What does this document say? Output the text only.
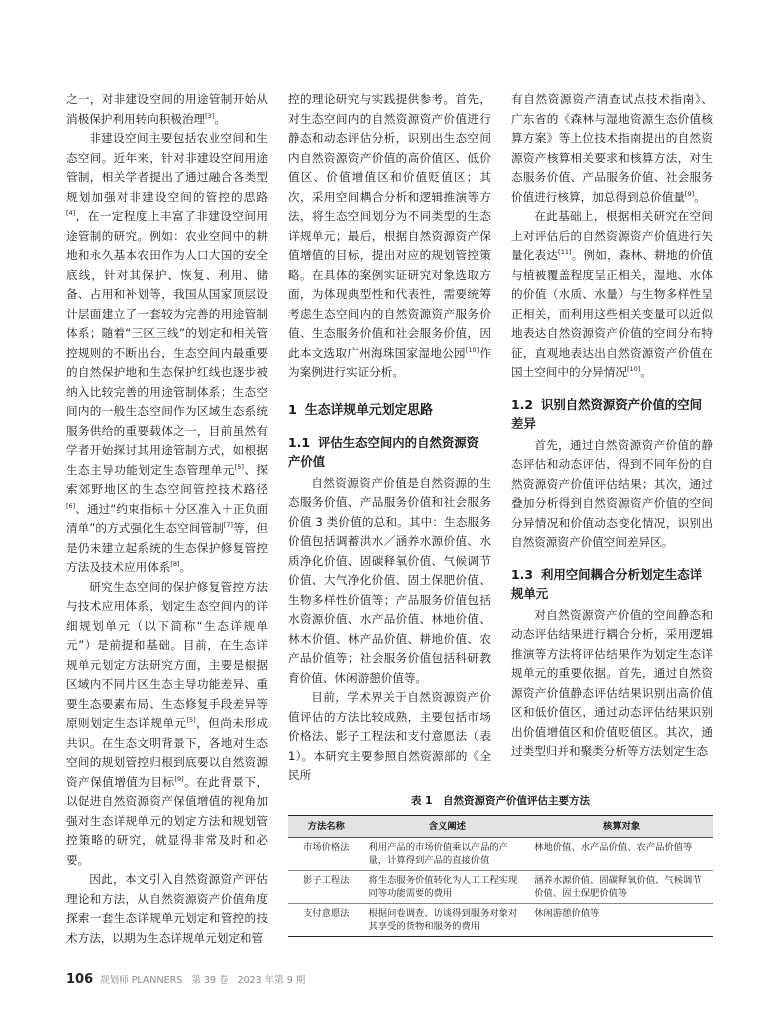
之一，对非建设空间的用途管制开始从消极保护利用转向积极治理[3]。

非建设空间主要包括农业空间和生态空间。近年来，针对非建设空间用途管制，相关学者提出了通过融合各类型规划加强对非建设空间的管控的思路[4]，在一定程度上丰富了非建设空间用途管制的研究。例如：农业空间中的耕地和永久基本农田作为人口大国的安全底线，针对其保护、恢复、利用、储备、占用和补划等，我国从国家顶层设计层面建立了一套较为完善的用途管制体系；随着“三区三线”的划定和相关管控规则的不断出台，生态空间内最重要的自然保护地和生态保护红线也逐步被纳入比较完善的用途管制体系；生态空间内的一般生态空间作为区域生态系统服务供给的重要载体之一，目前虽然有学者开始探讨其用途管制方式，如根据生态主导功能划定生态管理单元[5]、探索郊野地区的生态空间管控技术路径[6]、通过“约束指标＋分区准入＋正负面清单”的方式强化生态空间管制[7]等，但是仍未建立起系统的生态保护修复管控方法及技术应用体系[8]。

研究生态空间的保护修复管控方法与技术应用体系，划定生态空间内的详细规划单元（以下简称“生态详规单元”）是前提和基础。目前，在生态详规单元划定方法研究方面，主要是根据区域内不同片区生态主导功能差异、重要生态要素布局、生态修复手段差异等原则划定生态详规单元[5]，但尚未形成共识。在生态文明背景下，各地对生态空间的规划管控归根到底要以自然资源资产保值增值为目标[9]。在此背景下，以促进自然资源资产保值增值的视角加强对生态详规单元的划定方法和规划管控策略的研究，就显得非常及时和必要。

因此，本文引入自然资源资产评估理论和方法，从自然资源资产价值角度探索一套生态详规单元划定和管控的技术方法，以期为生态详规单元划定和管

控的理论研究与实践提供参考。首先，对生态空间内的自然资源资产价值进行静态和动态评估分析，识别出生态空间内自然资源资产价值的高价值区、低价值区、价值增值区和价值贬值区；其次，采用空间耦合分析和逻辑推演等方法，将生态空间划分为不同类型的生态详规单元；最后，根据自然资源资产保值增值的目标，提出对应的规划管控策略。在具体的案例实证研究对象选取方面，为体现典型性和代表性，需要统筹考虑生态空间内的自然资源资产服务价值、生态服务价值和社会服务价值，因此本文选取广州海珠国家湿地公园[10]作为案例进行实证分析。

1 生态详规单元划定思路
1.1 评估生态空间内的自然资源资产价值

自然资源资产价值是自然资源的生态服务价值、产品服务价值和社会服务价值 3 类价值的总和。其中：生态服务价值包括调蓄洪水／涵养水源价值、水质净化价值、固碳释氧价值、气候调节价值、大气净化价值、固土保肥价值、生物多样性价值等；产品服务价值包括水资源价值、水产品价值、林地价值、林木价值、林产品价值、耕地价值、农产品价值等；社会服务价值包括科研教育价值、休闲游憩价值等。

目前，学术界关于自然资源资产价值评估的方法比较成熟，主要包括市场价格法、影子工程法和支付意愿法（表 1）。本研究主要参照自然资源部的《全民所

有自然资源资产清查试点技术指南》、广东省的《森林与湿地资源生态价值核算方案》等上位技术指南提出的自然资源资产核算相关要求和核算方法，对生态服务价值、产品服务价值、社会服务价值进行核算，加总得到总价值量[9]。

在此基础上，根据相关研究在空间上对评估后的自然资源资产价值进行矢量化表达[11]。例如，森林、耕地的价值与植被覆盖程度呈正相关，湿地、水体的价值（水质、水量）与生物多样性呈正相关，而利用这些相关变量可以近似地表达自然资源资产价值的空间分布特征，直观地表达出自然资源资产价值在国土空间中的分异情况[10]。

1.2 识别自然资源资产价值的空间差异

首先，通过自然资源资产价值的静态评估和动态评估，得到不同年份的自然资源资产价值评估结果；其次，通过叠加分析得到自然资源资产价值的空间分异情况和价值动态变化情况，识别出自然资源资产价值空间差异区。

1.3 利用空间耦合分析划定生态详规单元

对自然资源资产价值的空间静态和动态评估结果进行耦合分析，采用逻辑推演等方法将评估结果作为划定生态详规单元的重要依据。首先，通过自然资源资产价值静态评估结果识别出高价值区和低价值区，通过动态评估结果识别出价值增值区和价值贬值区。其次，通过类型归并和聚类分析等方法划定生态

表 1　自然资源资产价值评估主要方法
方法名称	含义阐述	核算对象
市场价格法	利用产品的市场价值乘以产品的产量，计算得到产品的直接价值	林地价值、水产品价值、农产品价值等
影子工程法	将生态服务价值转化为人工工程实现同等功能需要的费用	涵养水源价值、固碳释氧价值、气候调节价值、固土保肥价值等
支付意愿法	根据问卷调查、访谈得到服务对象对其享受的货物和服务的费用	休闲游憩价值等
106 规划师 PLANNERS 第 39 卷 2023 年第 9 期
